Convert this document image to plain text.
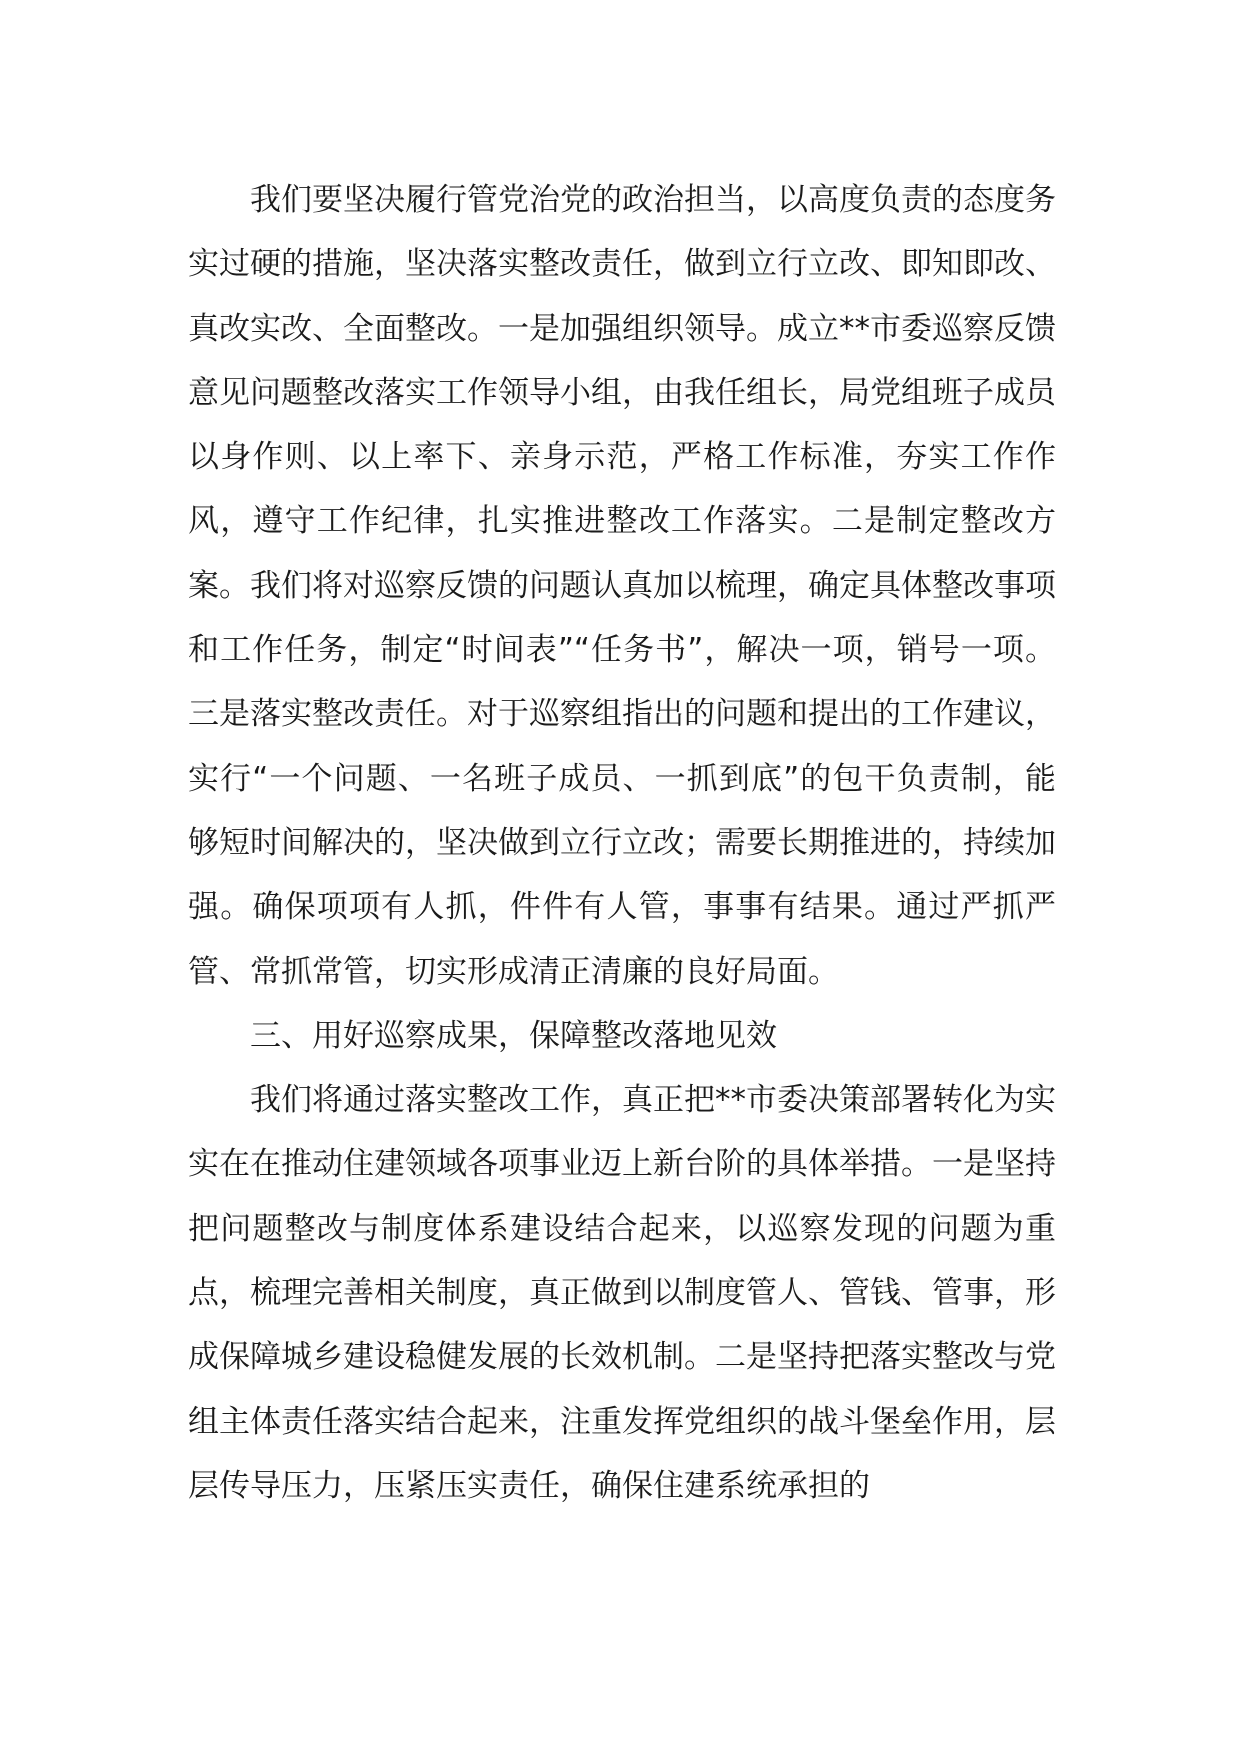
我们要坚决履行管党治党的政治担当，以高度负责的态度务实过硬的措施，坚决落实整改责任，做到立行立改、即知即改、真改实改、全面整改。一是加强组织领导。成立**市委巡察反馈意见问题整改落实工作领导小组，由我任组长，局党组班子成员以身作则、以上率下、亲身示范，严格工作标准，夯实工作作风，遵守工作纪律，扎实推进整改工作落实。二是制定整改方案。我们将对巡察反馈的问题认真加以梳理，确定具体整改事项和工作任务，制定“时间表”“任务书”，解决一项，销号一项。三是落实整改责任。对于巡察组指出的问题和提出的工作建议，实行“一个问题、一名班子成员、一抓到底”的包干负责制，能够短时间解决的，坚决做到立行立改；需要长期推进的，持续加强。确保项项有人抓，件件有人管，事事有结果。通过严抓严管、常抓常管，切实形成清正清廉的良好局面。

三、用好巡察成果，保障整改落地见效

我们将通过落实整改工作，真正把**市委决策部署转化为实实在在推动住建领域各项事业迈上新台阶的具体举措。一是坚持把问题整改与制度体系建设结合起来，以巡察发现的问题为重点，梳理完善相关制度，真正做到以制度管人、管钱、管事，形成保障城乡建设稳健发展的长效机制。二是坚持把落实整改与党组主体责任落实结合起来，注重发挥党组织的战斗堡垒作用，层层传导压力，压紧压实责任，确保住建系统承担的
